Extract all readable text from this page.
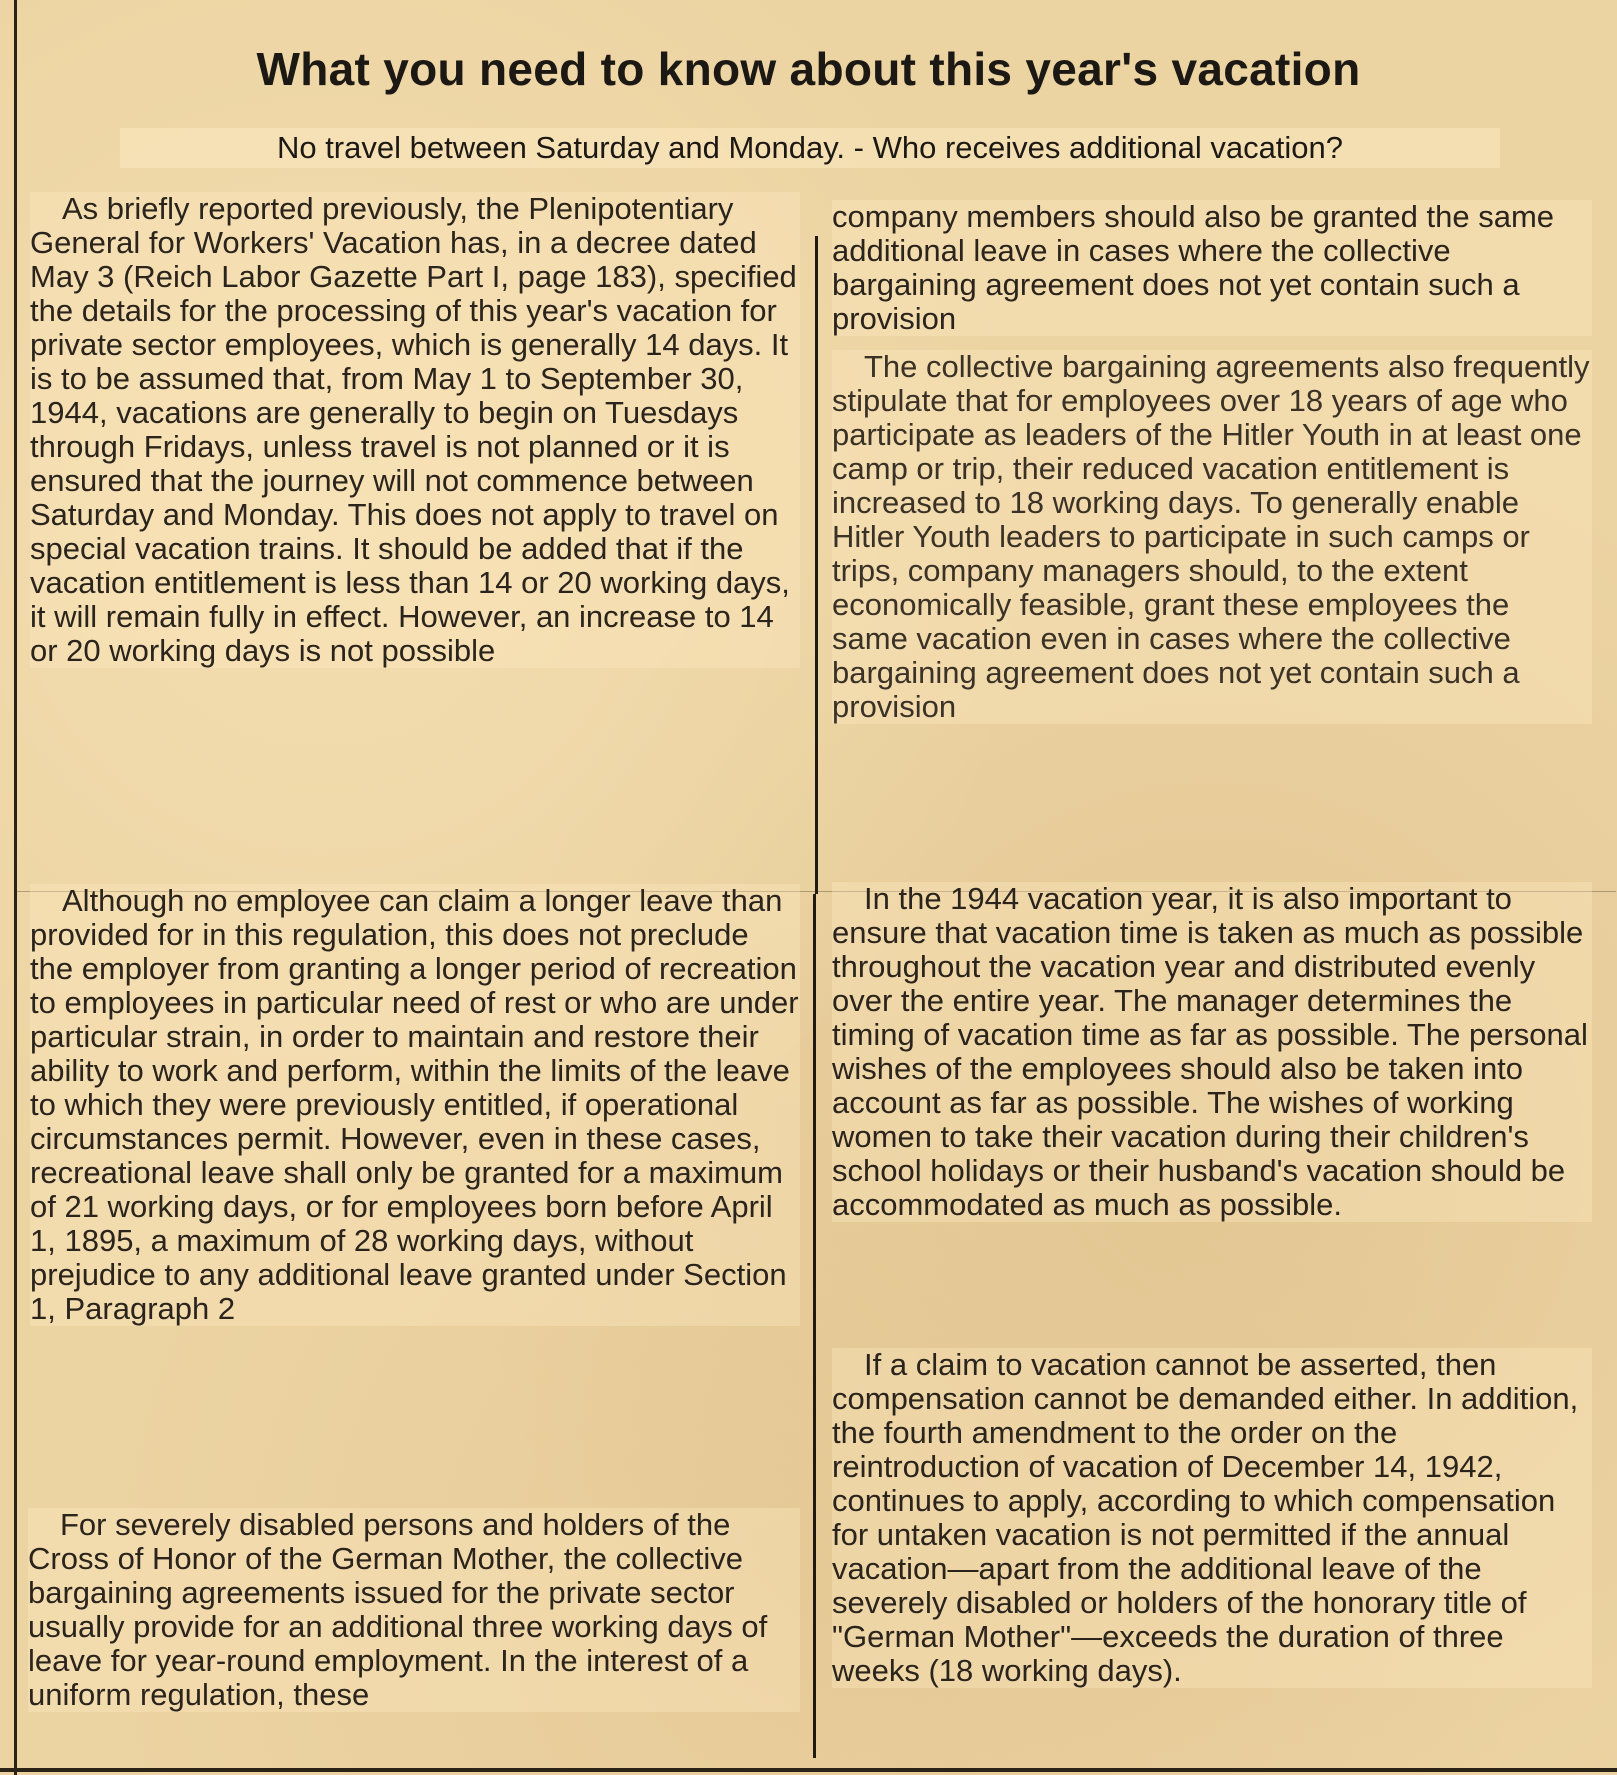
What you need to know about this year's vacation

No travel between Saturday and Monday. - Who receives additional vacation?

As briefly reported previously, the Plenipotentiary General for Workers' Vacation has, in a decree dated May 3 (Reich Labor Gazette Part I, page 183), specified the details for the processing of this year's vacation for private sector employees, which is generally 14 days. It is to be assumed that, from May 1 to September 30, 1944, vacations are generally to begin on Tuesdays through Fridays, unless travel is not planned or it is ensured that the journey will not commence between Saturday and Monday. This does not apply to travel on special vacation trains. It should be added that if the vacation entitlement is less than 14 or 20 working days, it will remain fully in effect. However, an increase to 14 or 20 working days is not possible

Although no employee can claim a longer leave than provided for in this regulation, this does not preclude the employer from granting a longer period of recreation to employees in particular need of rest or who are under particular strain, in order to maintain and restore their ability to work and perform, within the limits of the leave to which they were previously entitled, if operational circumstances permit. However, even in these cases, recreational leave shall only be granted for a maximum of 21 working days, or for employees born before April 1, 1895, a maximum of 28 working days, without prejudice to any additional leave granted under Section 1, Paragraph 2

For severely disabled persons and holders of the Cross of Honor of the German Mother, the collective bargaining agreements issued for the private sector usually provide for an additional three working days of leave for year-round employment. In the interest of a uniform regulation, these

company members should also be granted the same additional leave in cases where the collective bargaining agreement does not yet contain such a provision

The collective bargaining agreements also frequently stipulate that for employees over 18 years of age who participate as leaders of the Hitler Youth in at least one camp or trip, their reduced vacation entitlement is increased to 18 working days. To generally enable Hitler Youth leaders to participate in such camps or trips, company managers should, to the extent economically feasible, grant these employees the same vacation even in cases where the collective bargaining agreement does not yet contain such a provision

In the 1944 vacation year, it is also important to ensure that vacation time is taken as much as possible throughout the vacation year and distributed evenly over the entire year. The manager determines the timing of vacation time as far as possible. The personal wishes of the employees should also be taken into account as far as possible. The wishes of working women to take their vacation during their children's school holidays or their husband's vacation should be accommodated as much as possible.

If a claim to vacation cannot be asserted, then compensation cannot be demanded either. In addition, the fourth amendment to the order on the reintroduction of vacation of December 14, 1942, continues to apply, according to which compensation for untaken vacation is not permitted if the annual vacation—apart from the additional leave of the severely disabled or holders of the honorary title of "German Mother"—exceeds the duration of three weeks (18 working days).
